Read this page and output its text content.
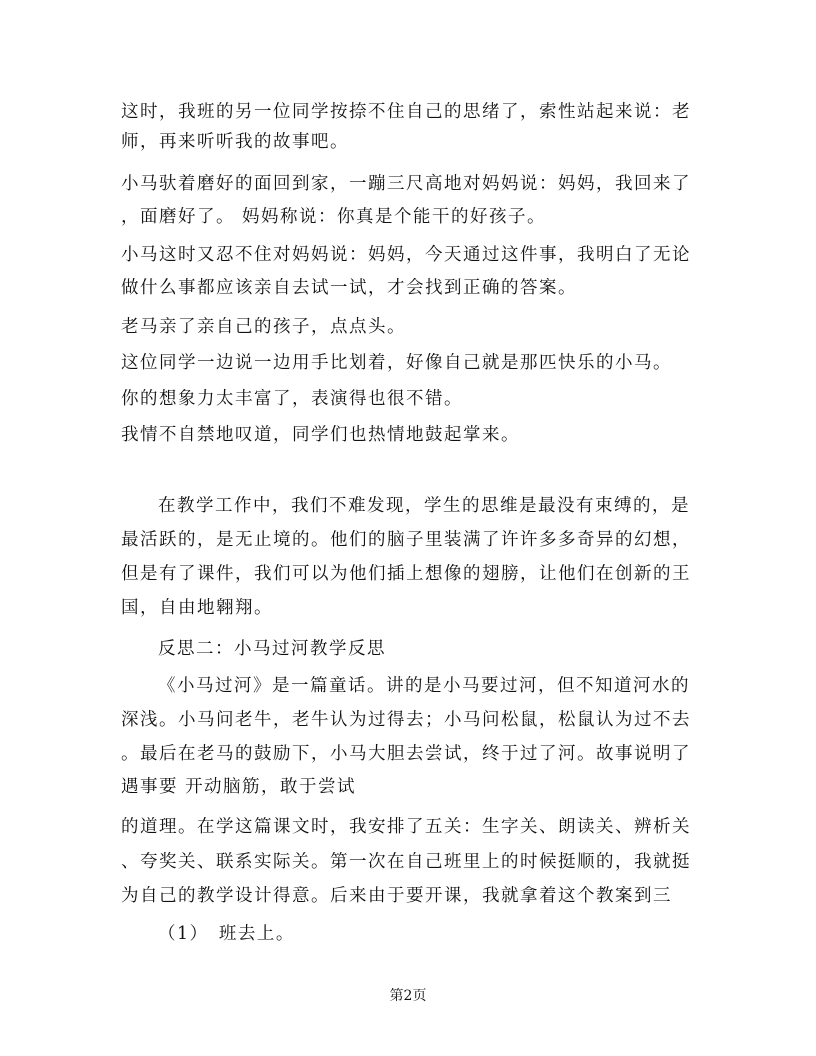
这时，我班的另一位同学按捺不住自己的思绪了，索性站起来说：老
师，再来听听我的故事吧。
小马驮着磨好的面回到家，一蹦三尺高地对妈妈说：妈妈，我回来了
，面磨好了。 妈妈称说：你真是个能干的好孩子。
小马这时又忍不住对妈妈说：妈妈，今天通过这件事，我明白了无论
做什么事都应该亲自去试一试，才会找到正确的答案。
老马亲了亲自己的孩子，点点头。
这位同学一边说一边用手比划着，好像自己就是那匹快乐的小马。
你的想象力太丰富了，表演得也很不错。
我情不自禁地叹道，同学们也热情地鼓起掌来。
在教学工作中，我们不难发现，学生的思维是最没有束缚的，是
最活跃的，是无止境的。他们的脑子里装满了许许多多奇异的幻想，
但是有了课件，我们可以为他们插上想像的翅膀，让他们在创新的王
国，自由地翱翔。
反思二：小马过河教学反思
《小马过河》是一篇童话。讲的是小马要过河，但不知道河水的
深浅。小马问老牛，老牛认为过得去；小马问松鼠，松鼠认为过不去
。最后在老马的鼓励下，小马大胆去尝试，终于过了河。故事说明了
遇事要 开动脑筋，敢于尝试
的道理。在学这篇课文时，我安排了五关：生字关、朗读关、辨析关
、夸奖关、联系实际关。第一次在自己班里上的时候挺顺的，我就挺
为自己的教学设计得意。后来由于要开课，我就拿着这个教案到三
（1）　班去上。
第2页
